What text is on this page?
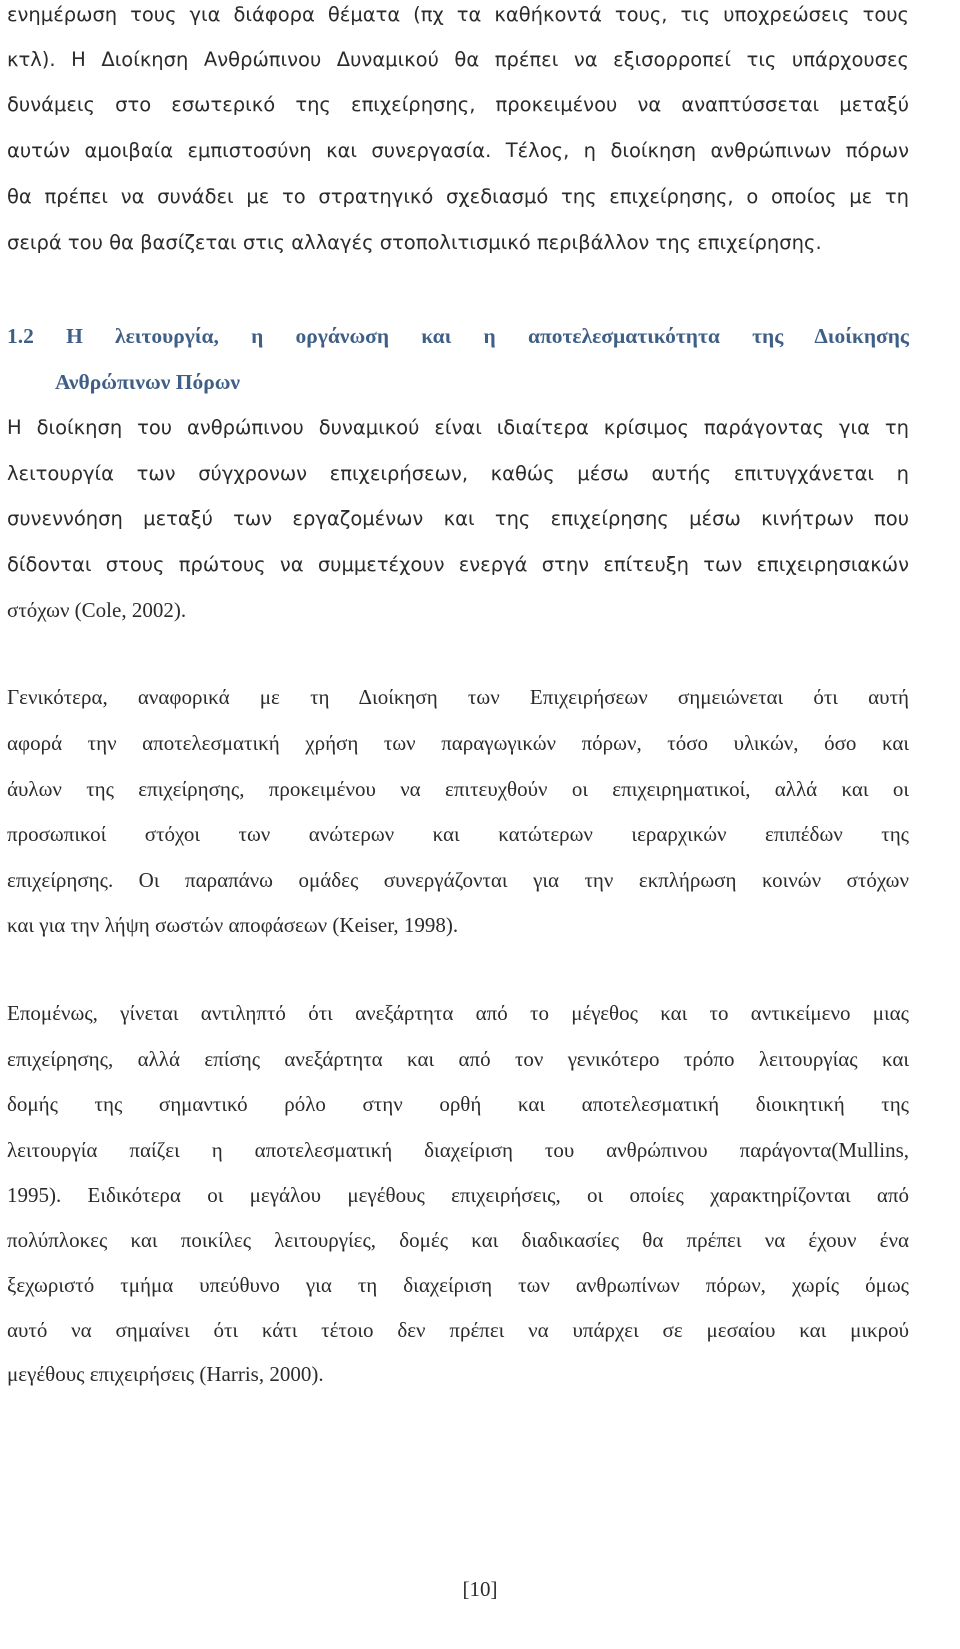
ενημέρωση τους για διάφορα θέματα (πχ τα καθήκοντά τους, τις υποχρεώσεις τους
κτλ). Η Διοίκηση Ανθρώπινου Δυναμικού θα πρέπει να εξισορροπεί τις υπάρχουσες
δυνάμεις στο εσωτερικό της επιχείρησης, προκειμένου να αναπτύσσεται μεταξύ
αυτών αμοιβαία εμπιστοσύνη και συνεργασία. Τέλος, η διοίκηση ανθρώπινων πόρων
θα πρέπει να συνάδει με το στρατηγικό σχεδιασμό της επιχείρησης, ο οποίος με τη
σειρά του θα βασίζεται στις αλλαγές στοπολιτισμικό περιβάλλον της επιχείρησης.
1.2 Η λειτουργία, η οργάνωση και η αποτελεσματικότητα της Διοίκησης
Ανθρώπινων Πόρων
Η διοίκηση του ανθρώπινου δυναμικού είναι ιδιαίτερα κρίσιμος παράγοντας για τη
λειτουργία των σύγχρονων επιχειρήσεων, καθώς μέσω αυτής επιτυγχάνεται η
συνεννόηση μεταξύ των εργαζομένων και της επιχείρησης μέσω κινήτρων που
δίδονται στους πρώτους να συμμετέχουν ενεργά στην επίτευξη των επιχειρησιακών
στόχων (Cole, 2002).
Γενικότερα, αναφορικά με τη Διοίκηση των Επιχειρήσεων σημειώνεται ότι αυτή
αφορά την αποτελεσματική χρήση των παραγωγικών πόρων, τόσο υλικών, όσο και
άυλων της επιχείρησης, προκειμένου να επιτευχθούν οι επιχειρηματικοί, αλλά και οι
προσωπικοί στόχοι των ανώτερων και κατώτερων ιεραρχικών επιπέδων της
επιχείρησης. Οι παραπάνω ομάδες συνεργάζονται για την εκπλήρωση κοινών στόχων
και για την λήψη σωστών αποφάσεων (Keiser, 1998).
Επομένως, γίνεται αντιληπτό ότι ανεξάρτητα από το μέγεθος και το αντικείμενο μιας
επιχείρησης, αλλά επίσης ανεξάρτητα και από τον γενικότερο τρόπο λειτουργίας και
δομής της σημαντικό ρόλο στην ορθή και αποτελεσματική διοικητική της
λειτουργία παίζει η αποτελεσματική διαχείριση του ανθρώπινου παράγοντα(Mullins,
1995). Ειδικότερα οι μεγάλου μεγέθους επιχειρήσεις, οι οποίες χαρακτηρίζονται από
πολύπλοκες και ποικίλες λειτουργίες, δομές και διαδικασίες θα πρέπει να έχουν ένα
ξεχωριστό τμήμα υπεύθυνο για τη διαχείριση των ανθρωπίνων πόρων, χωρίς όμως
αυτό να σημαίνει ότι κάτι τέτοιο δεν πρέπει να υπάρχει σε μεσαίου και μικρού
μεγέθους επιχειρήσεις (Harris, 2000).
[10]
